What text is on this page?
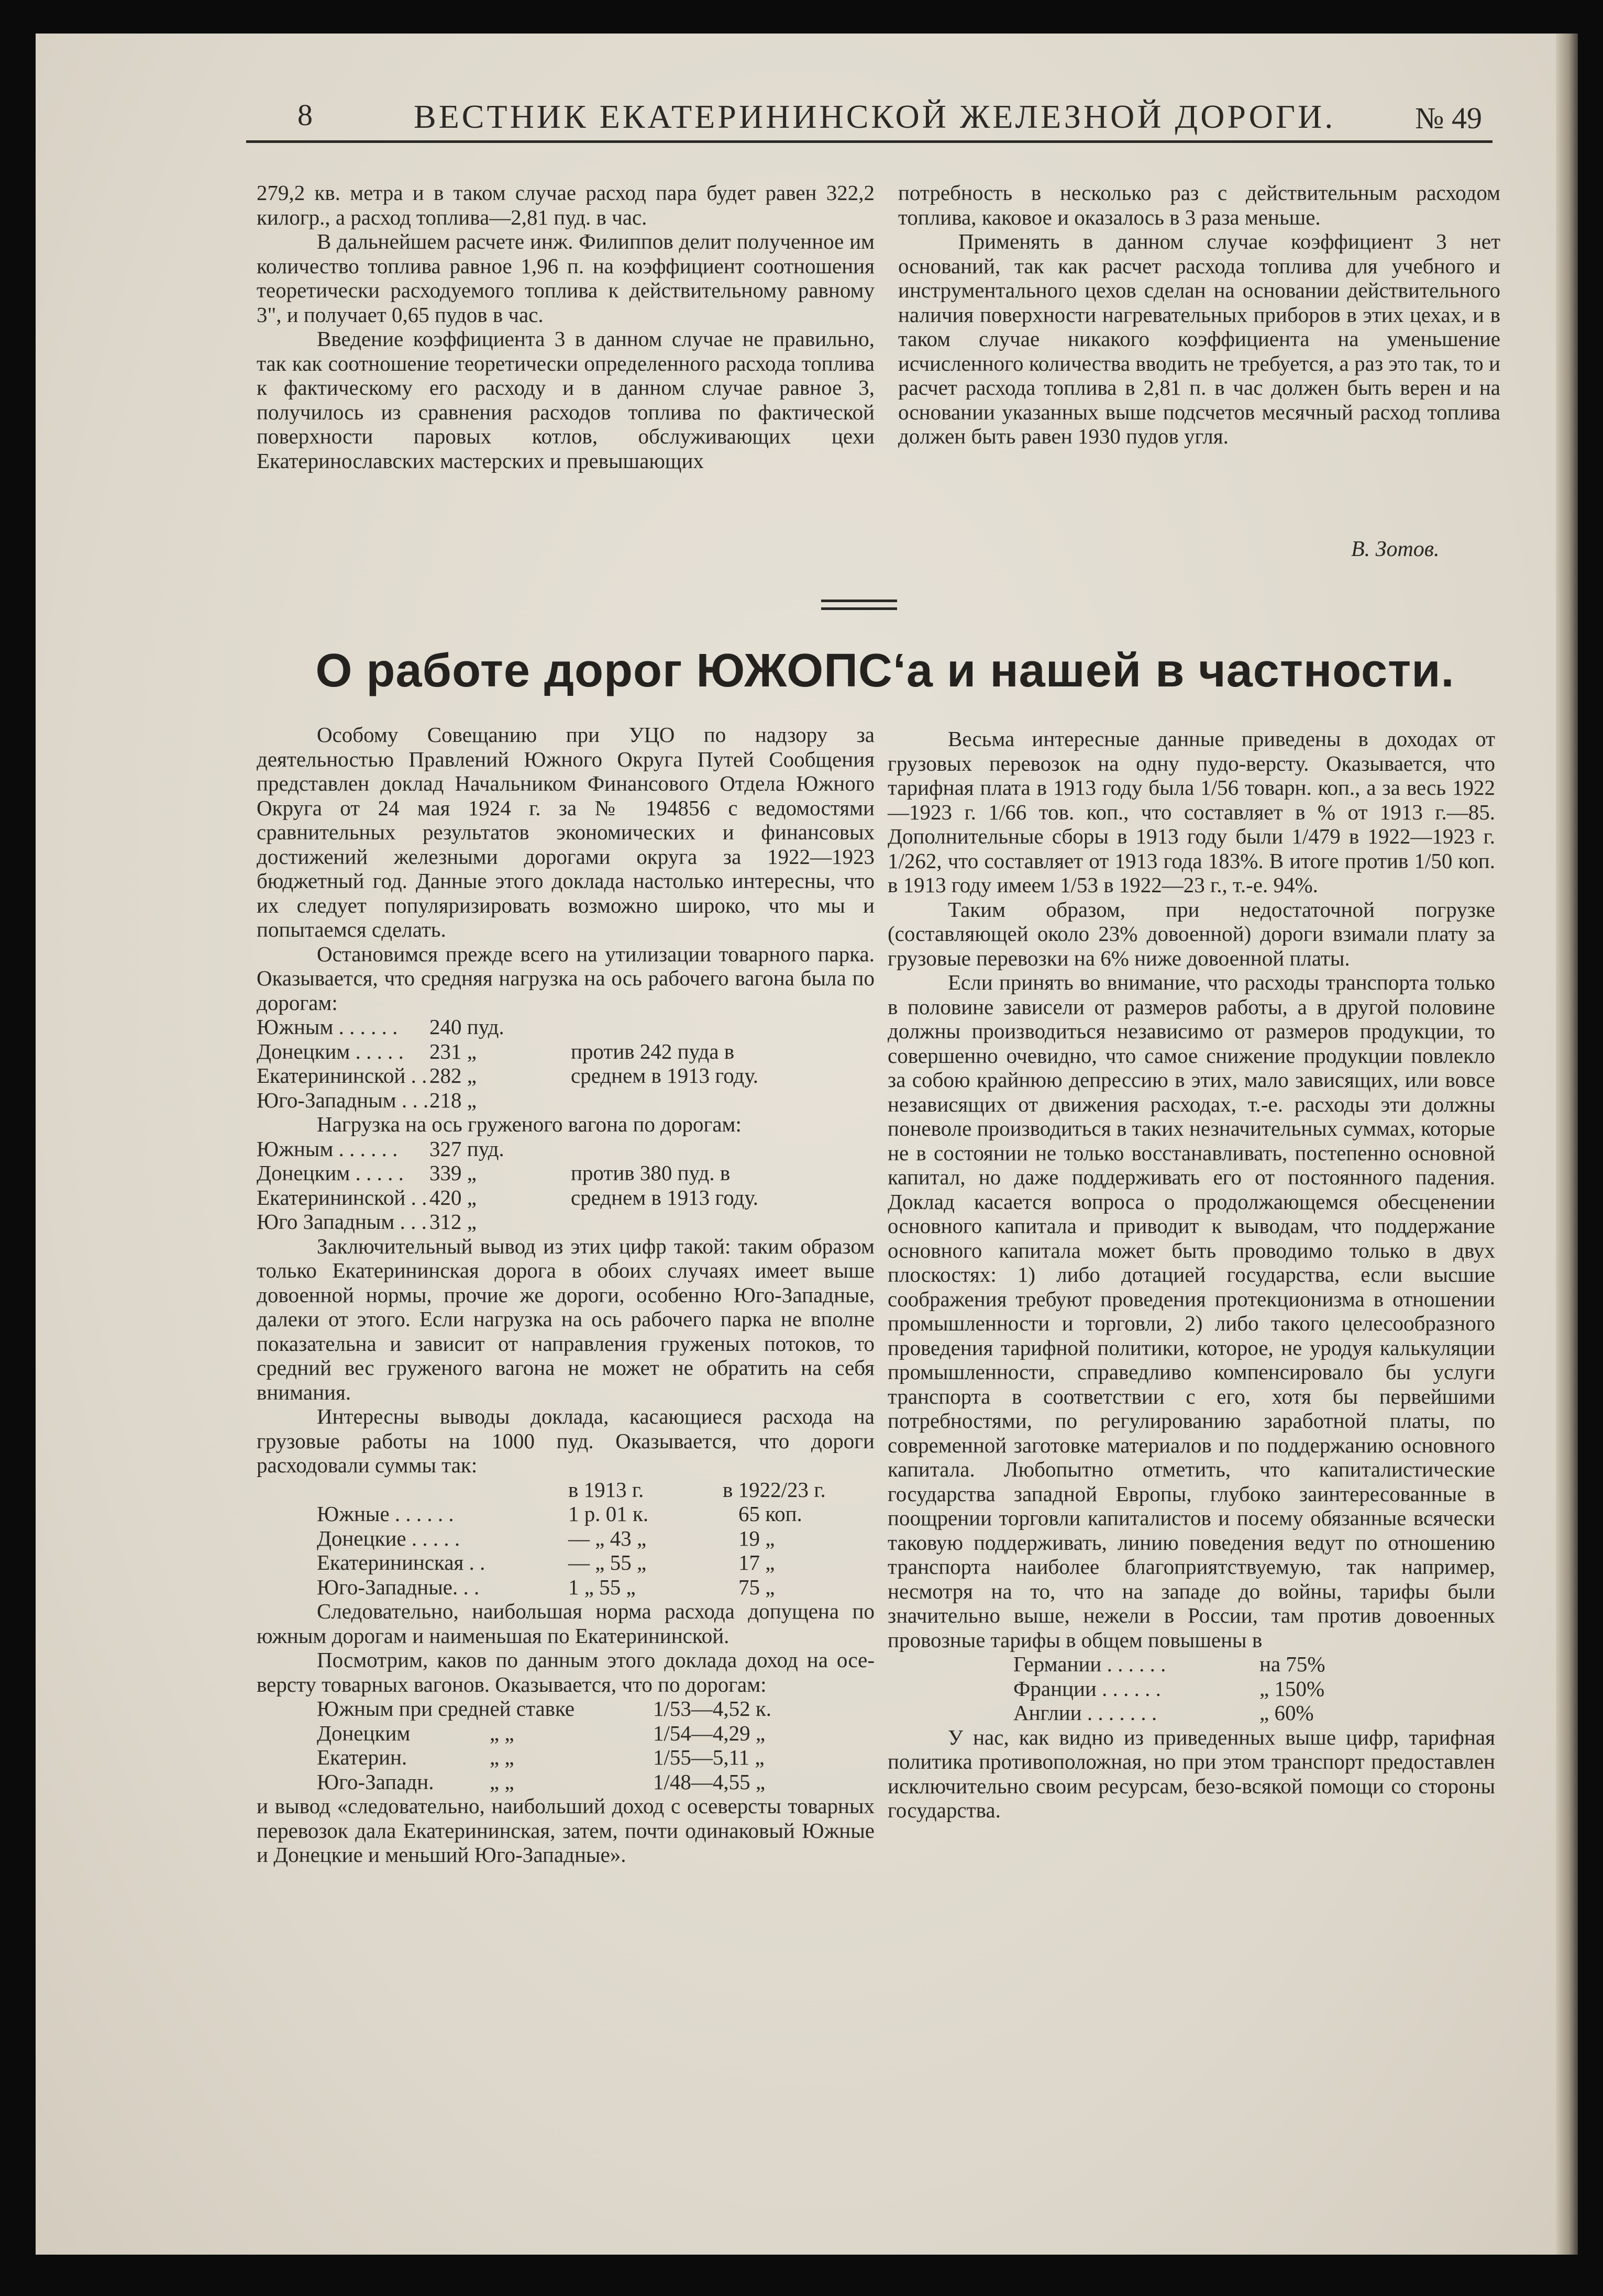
8	ВЕСТНИК ЕКАТЕРИНИНСКОЙ ЖЕЛЕЗНОЙ ДОРОГИ.	№ 49

279,2 кв. метра и в таком случае расход пара будет равен 322,2 килогр., а расход топлива—2,81 пуд. в час.

В дальнейшем расчете инж. Филиппов делит полученное им количество топлива равное 1,96 п. на коэффициент соотношения теоретически расходуемого топлива к действительному равному 3", и получает 0,65 пудов в час.

Введение коэффициента 3 в данном случае не правильно, так как соотношение теоретически определенного расхода топлива к фактическому его расходу и в данном случае равное 3, получилось из сравнения расходов топлива по фактической поверхности паровых котлов, обслуживающих цехи Екатеринославских мастерских и превышающих

потребность в несколько раз с действительным расходом топлива, каковое и оказалось в 3 раза меньше.

Применять в данном случае коэффициент 3 нет оснований, так как расчет расхода топлива для учебного и инструментального цехов сделан на основании действительного наличия поверхности нагревательных приборов в этих цехах, и в таком случае никакого коэффициента на уменьшение исчисленного количества вводить не требуется, а раз это так, то и расчет расхода топлива в 2,81 п. в час должен быть верен и на основании указанных выше подсчетов месячный расход топлива должен быть равен 1930 пудов угля.

В. Зотов.
О работе дорог ЮЖОПС‘а и нашей в частности.

Особому Совещанию при УЦО по надзору за деятельностью Правлений Южного Округа Путей Сообщения представлен доклад Начальником Финансового Отдела Южного Округа от 24 мая 1924 г. за № 194856 с ведомостями сравнительных результатов экономических и финансовых достижений железными дорогами округа за 1922—1923 бюджетный год. Данные этого доклада настолько интересны, что их следует популяризировать возможно широко, что мы и попытаемся сделать.

Остановимся прежде всего на утилизации товарного парка. Оказывается, что средняя нагрузка на ось рабочего вагона была по дорогам:

Южным . . . . . .	240 пуд.	
Донецким . . . . .	231 „	против 242 пуда в
Екатерининской . .	282 „	среднем в 1913 году.
Юго-Западным . . .	218 „	

Нагрузка на ось груженого вагона по дорогам:

Южным . . . . . .	327 пуд.	
Донецким . . . . .	339 „	против 380 пуд. в
Екатерининской . .	420 „	среднем в 1913 году.
Юго Западным . . .	312 „	

Заключительный вывод из этих цифр такой: таким образом только Екатерининская дорога в обоих случаях имеет выше довоенной нормы, прочие же дороги, особенно Юго-Западные, далеки от этого. Если нагрузка на ось рабочего парка не вполне показательна и зависит от направления груженых потоков, то средний вес груженого вагона не может не обратить на себя внимания.

Интересны выводы доклада, касающиеся расхода на грузовые работы на 1000 пуд. Оказывается, что дороги расходовали суммы так:

	в 1913 г.	в 1922/23 г.
Южные . . . . . .	1 р. 01 к.	65 коп.
Донецкие . . . . .	— „ 43 „	19 „
Екатерининская . .	— „ 55 „	17 „
Юго-Западные. . .	1 „ 55 „	75 „

Следовательно, наибольшая норма расхода допущена по южным дорогам и наименьшая по Екатерининской.

Посмотрим, каков по данным этого доклада доход на осе-версту товарных вагонов. Оказывается, что по дорогам:

Южным при средней ставке		1/53—4,52 к.
Донецким	„ „	1/54—4,29 „
Екатерин.	„ „	1/55—5,11 „
Юго-Западн.	„ „	1/48—4,55 „

и вывод «следовательно, наибольший доход с осеверсты товарных перевозок дала Екатерининская, затем, почти одинаковый Южные и Донецкие и меньший Юго-Западные».

Весьма интересные данные приведены в доходах от грузовых перевозок на одну пудо-версту. Оказывается, что тарифная плата в 1913 году была 1/56 товарн. коп., а за весь 1922—1923 г. 1/66 тов. коп., что составляет в % от 1913 г.—85. Дополнительные сборы в 1913 году были 1/479 в 1922—1923 г. 1/262, что составляет от 1913 года 183%. В итоге против 1/50 коп. в 1913 году имеем 1/53 в 1922—23 г., т.-е. 94%.

Таким образом, при недостаточной погрузке (составляющей около 23% довоенной) дороги взимали плату за грузовые перевозки на 6% ниже довоенной платы.

Если принять во внимание, что расходы транспорта только в половине зависели от размеров работы, а в другой половине должны производиться независимо от размеров продукции, то совершенно очевидно, что самое снижение продукции повлекло за собою крайнюю депрессию в этих, мало зависящих, или вовсе независящих от движения расходах, т.-е. расходы эти должны поневоле производиться в таких незначительных суммах, которые не в состоянии не только восстанавливать, постепенно основной капитал, но даже поддерживать его от постоянного падения. Доклад касается вопроса о продолжающемся обесценении основного капитала и приводит к выводам, что поддержание основного капитала может быть проводимо только в двух плоскостях: 1) либо дотацией государства, если высшие соображения требуют проведения протекционизма в отношении промышленности и торговли, 2) либо такого целесообразного проведения тарифной политики, которое, не уродуя калькуляции промышленности, справедливо компенсировало бы услуги транспорта в соответствии с его, хотя бы первейшими потребностями, по регулированию заработной платы, по современной заготовке материалов и по поддержанию основного капитала. Любопытно отметить, что капиталистические государства западной Европы, глубоко заинтересованные в поощрении торговли капиталистов и посему обязанные всячески таковую поддерживать, линию поведения ведут по отношению транспорта наиболее благоприятствуемую, так например, несмотря на то, что на западе до войны, тарифы были значительно выше, нежели в России, там против довоенных провозные тарифы в общем повышены в

Германии . . . . . .	на 75%
Франции . . . . . .	„ 150%
Англии . . . . . . .	„ 60%

У нас, как видно из приведенных выше цифр, тарифная политика противоположная, но при этом транспорт предоставлен исключительно своим ресурсам, безо-всякой помощи со стороны государства.
